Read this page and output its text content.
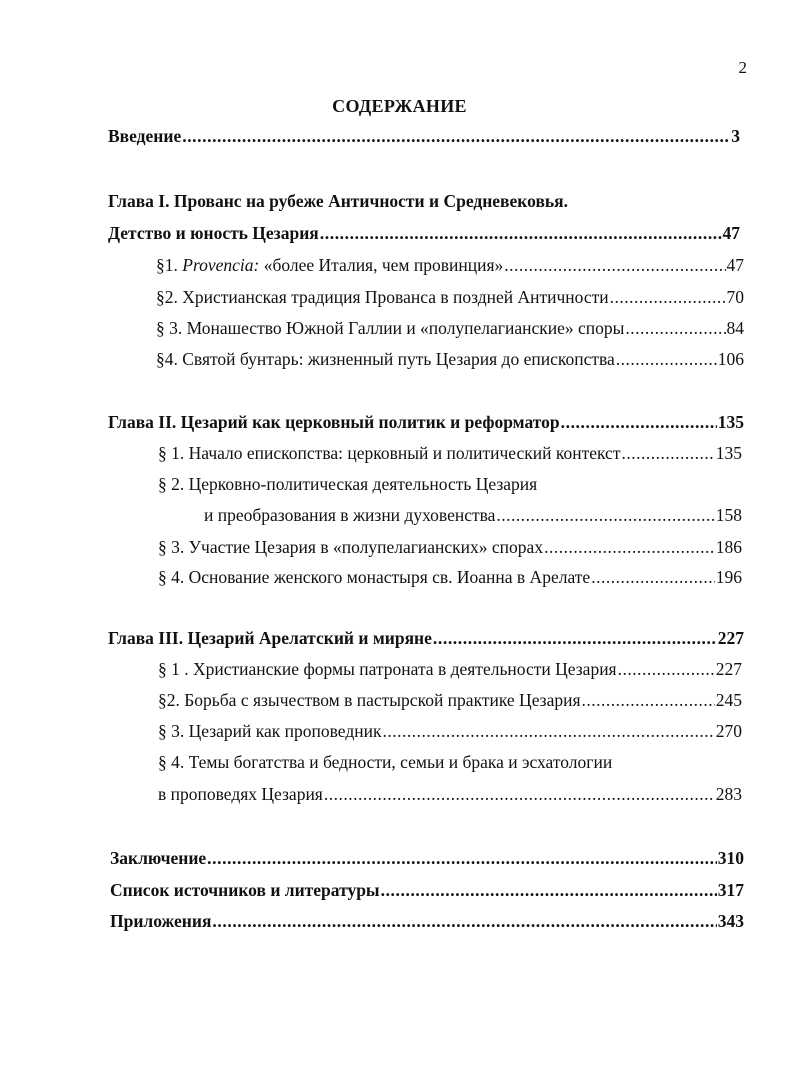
2
СОДЕРЖАНИЕ
Введение .....	3
Глава I. Прованс на рубеже Античности и Средневековья.
Детство и юность Цезария .....	47
§1. Provencia: «более Италия, чем провинция» .....	47
§2. Христианская традиция Прованса в поздней Античности .....	70
§ 3. Монашество Южной Галлии и «полупелагианские» споры .....	84
§4. Святой бунтарь: жизненный путь Цезария до епископства .....	106
Глава II. Цезарий как церковный политик и реформатор .....	135
§ 1. Начало епископства: церковный и политический контекст .....	135
§ 2. Церковно-политическая деятельность Цезария
и преобразования в жизни духовенства .....	158
§ 3. Участие Цезария в «полупелагианских» спорах .....	186
§ 4. Основание женского монастыря св. Иоанна в Арелате .....	196
Глава III. Цезарий Арелатский и миряне .....	227
§ 1 . Христианские формы патроната в деятельности Цезария .....	227
§2. Борьба с язычеством в пастырской практике Цезария .....	245
§ 3. Цезарий как проповедник .....	270
§ 4. Темы богатства и бедности, семьи и брака и эсхатологии
в проповедях Цезария .....	283
Заключение .....	310
Список источников и литературы .....	317
Приложения .....	343
